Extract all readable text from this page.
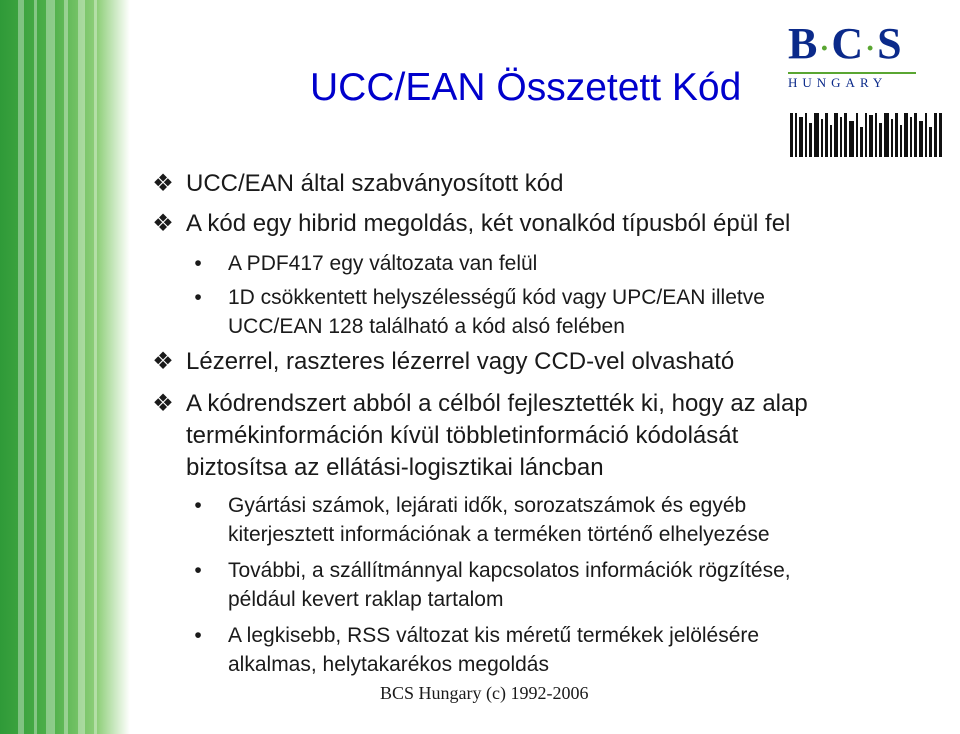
UCC/EAN Összetett Kód
B·C·S
HUNGARY
❖ UCC/EAN által szabványosított kód
❖ A kód egy hibrid megoldás, két vonalkód típusból épül fel
•	A PDF417 egy változata van felül
•	1D csökkentett helyszélességű kód vagy UPC/EAN illetve
UCC/EAN 128 található a kód alsó felében
❖ Lézerrel, raszteres lézerrel vagy CCD-vel olvasható
❖ A kódrendszert abból a célból fejlesztették ki, hogy az alap
termékinformáción kívül többletinformáció kódolását
biztosítsa az ellátási-logisztikai láncban
•	Gyártási számok, lejárati idők, sorozatszámok és egyéb
kiterjesztett információnak a terméken történő elhelyezése
•	További, a szállítmánnyal kapcsolatos információk rögzítése,
például kevert raklap tartalom
•	A legkisebb, RSS változat kis méretű termékek jelölésére
alkalmas, helytakarékos megoldás
BCS Hungary (c) 1992-2006
